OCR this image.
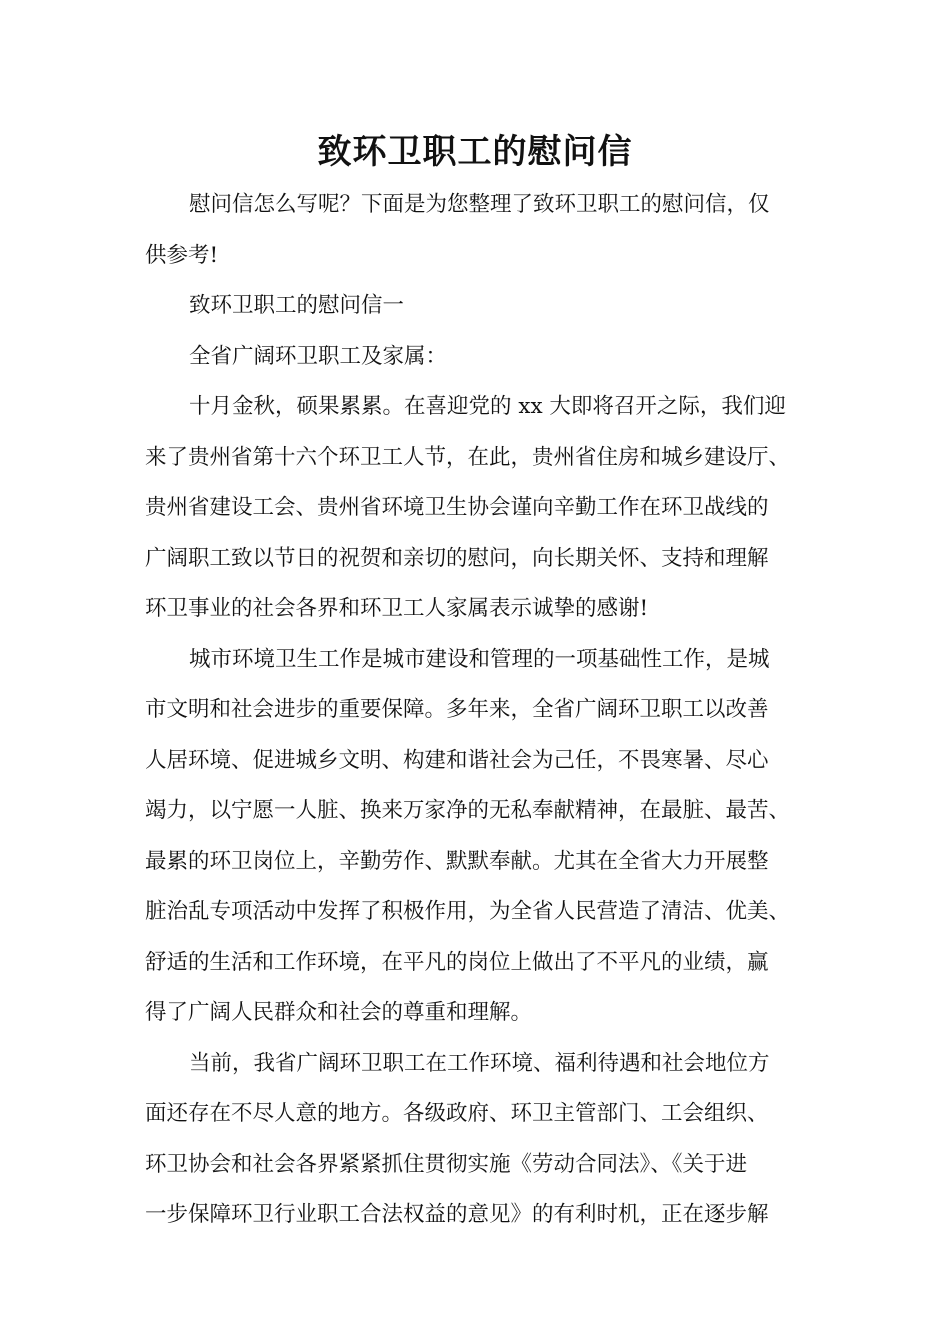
致环卫职工的慰问信
慰问信怎么写呢？下面是为您整理了致环卫职工的慰问信，仅
供参考!
致环卫职工的慰问信一
全省广阔环卫职工及家属：
十月金秋，硕果累累。在喜迎党的 xx 大即将召开之际，我们迎
来了贵州省第十六个环卫工人节，在此，贵州省住房和城乡建设厅、
贵州省建设工会、贵州省环境卫生协会谨向辛勤工作在环卫战线的
广阔职工致以节日的祝贺和亲切的慰问，向长期关怀、支持和理解
环卫事业的社会各界和环卫工人家属表示诚挚的感谢!
城市环境卫生工作是城市建设和管理的一项基础性工作，是城
市文明和社会进步的重要保障。多年来，全省广阔环卫职工以改善
人居环境、促进城乡文明、构建和谐社会为己任，不畏寒暑、尽心
竭力，以宁愿一人脏、换来万家净的无私奉献精神，在最脏、最苦、
最累的环卫岗位上，辛勤劳作、默默奉献。尤其在全省大力开展整
脏治乱专项活动中发挥了积极作用，为全省人民营造了清洁、优美、
舒适的生活和工作环境，在平凡的岗位上做出了不平凡的业绩，赢
得了广阔人民群众和社会的尊重和理解。
当前，我省广阔环卫职工在工作环境、福利待遇和社会地位方
面还存在不尽人意的地方。各级政府、环卫主管部门、工会组织、
环卫协会和社会各界紧紧抓住贯彻实施《劳动合同法》、《关于进
一步保障环卫行业职工合法权益的意见》的有利时机，正在逐步解
